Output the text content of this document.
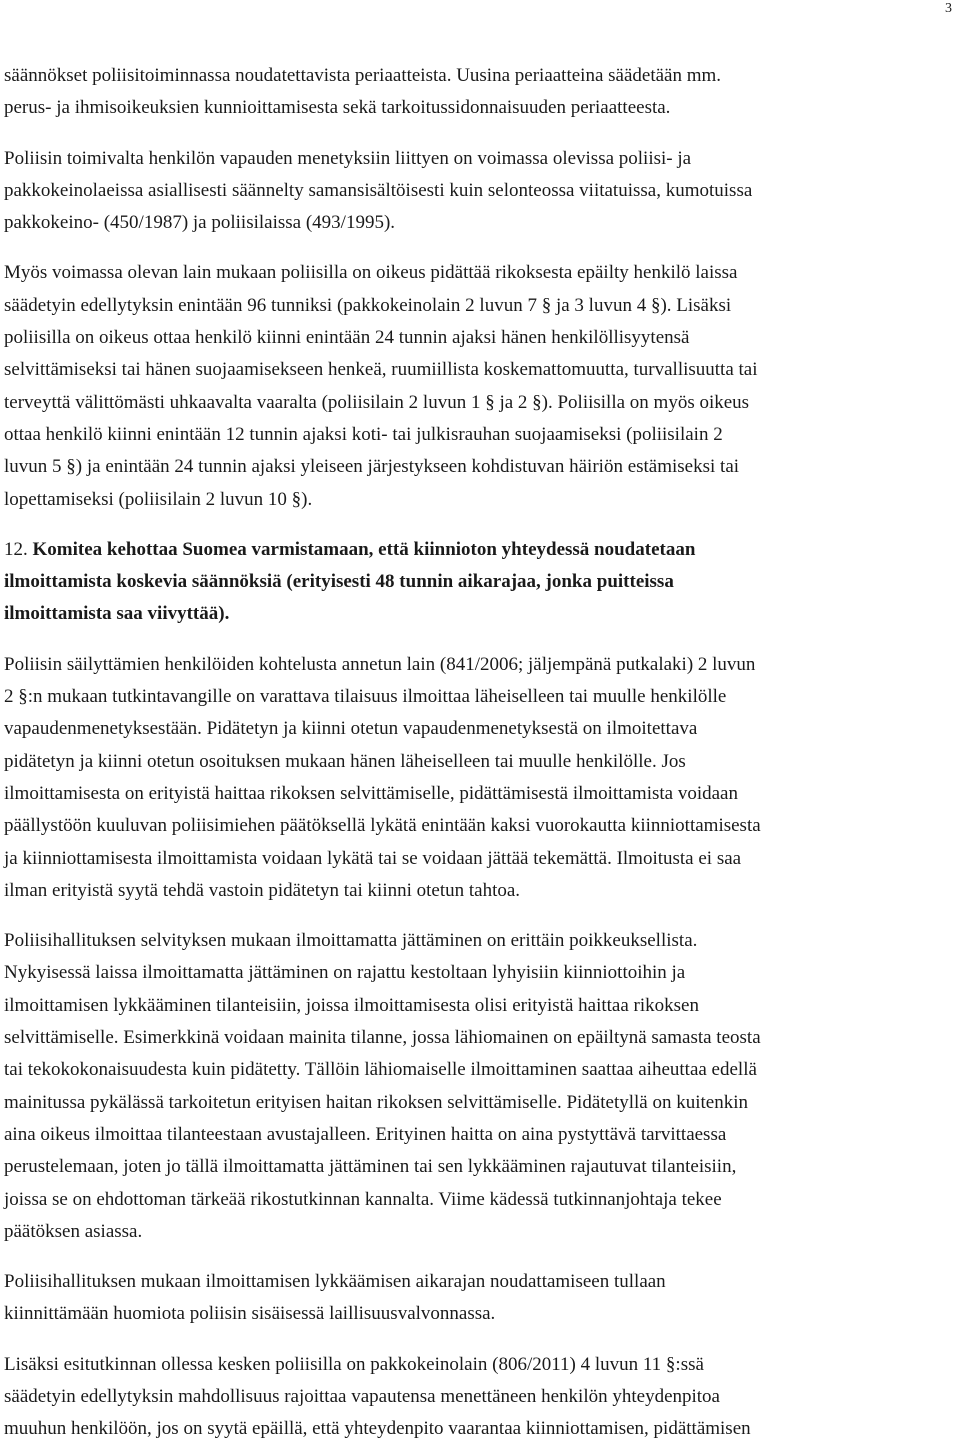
3

säännökset poliisitoiminnassa noudatettavista periaatteista. Uusina periaatteina säädetään mm.
perus- ja ihmisoikeuksien kunnioittamisesta sekä tarkoitussidonnaisuuden periaatteesta.

Poliisin toimivalta henkilön vapauden menetyksiin liittyen on voimassa olevissa poliisi- ja
pakkokeinolaeissa asiallisesti säännelty samansisältöisesti kuin selonteossa viitatuissa, kumotuissa
pakkokeino- (450/1987) ja poliisilaissa (493/1995).

Myös voimassa olevan lain mukaan poliisilla on oikeus pidättää rikoksesta epäilty henkilö laissa
säädetyin edellytyksin enintään 96 tunniksi (pakkokeinolain 2 luvun 7 § ja 3 luvun 4 §). Lisäksi
poliisilla on oikeus ottaa henkilö kiinni enintään 24 tunnin ajaksi hänen henkilöllisyytensä
selvittämiseksi tai hänen suojaamisekseen henkeä, ruumiillista koskemattomuutta, turvallisuutta tai
terveyttä välittömästi uhkaavalta vaaralta (poliisilain 2 luvun 1 § ja 2 §). Poliisilla on myös oikeus
ottaa henkilö kiinni enintään 12 tunnin ajaksi koti- tai julkisrauhan suojaamiseksi (poliisilain 2
luvun 5 §) ja enintään 24 tunnin ajaksi yleiseen järjestykseen kohdistuvan häiriön estämiseksi tai
lopettamiseksi (poliisilain 2 luvun 10 §).

12. Komitea kehottaa Suomea varmistamaan, että kiinnioton yhteydessä noudatetaan
ilmoittamista koskevia säännöksiä (erityisesti 48 tunnin aikarajaa, jonka puitteissa
ilmoittamista saa viivyttää).

Poliisin säilyttämien henkilöiden kohtelusta annetun lain (841/2006; jäljempänä putkalaki) 2 luvun
2 §:n mukaan tutkintavangille on varattava tilaisuus ilmoittaa läheiselleen tai muulle henkilölle
vapaudenmenetyksestään. Pidätetyn ja kiinni otetun vapaudenmenetyksestä on ilmoitettava
pidätetyn ja kiinni otetun osoituksen mukaan hänen läheiselleen tai muulle henkilölle. Jos
ilmoittamisesta on erityistä haittaa rikoksen selvittämiselle, pidättämisestä ilmoittamista voidaan
päällystöön kuuluvan poliisimiehen päätöksellä lykätä enintään kaksi vuorokautta kiinniottamisesta
ja kiinniottamisesta ilmoittamista voidaan lykätä tai se voidaan jättää tekemättä. Ilmoitusta ei saa
ilman erityistä syytä tehdä vastoin pidätetyn tai kiinni otetun tahtoa.

Poliisihallituksen selvityksen mukaan ilmoittamatta jättäminen on erittäin poikkeuksellista.
Nykyisessä laissa ilmoittamatta jättäminen on rajattu kestoltaan lyhyisiin kiinniottoihin ja
ilmoittamisen lykkääminen tilanteisiin, joissa ilmoittamisesta olisi erityistä haittaa rikoksen
selvittämiselle. Esimerkkinä voidaan mainita tilanne, jossa lähiomainen on epäiltynä samasta teosta
tai tekokokonaisuudesta kuin pidätetty. Tällöin lähiomaiselle ilmoittaminen saattaa aiheuttaa edellä
mainitussa pykälässä tarkoitetun erityisen haitan rikoksen selvittämiselle. Pidätetyllä on kuitenkin
aina oikeus ilmoittaa tilanteestaan avustajalleen. Erityinen haitta on aina pystyttävä tarvittaessa
perustelemaan, joten jo tällä ilmoittamatta jättäminen tai sen lykkääminen rajautuvat tilanteisiin,
joissa se on ehdottoman tärkeää rikostutkinnan kannalta. Viime kädessä tutkinnanjohtaja tekee
päätöksen asiassa.

Poliisihallituksen mukaan ilmoittamisen lykkäämisen aikarajan noudattamiseen tullaan
kiinnittämään huomiota poliisin sisäisessä laillisuusvalvonnassa.

Lisäksi esitutkinnan ollessa kesken poliisilla on pakkokeinolain (806/2011) 4 luvun 11 §:ssä
säädetyin edellytyksin mahdollisuus rajoittaa vapautensa menettäneen henkilön yhteydenpitoa
muuhun henkilöön, jos on syytä epäillä, että yhteydenpito vaarantaa kiinniottamisen, pidättämisen
